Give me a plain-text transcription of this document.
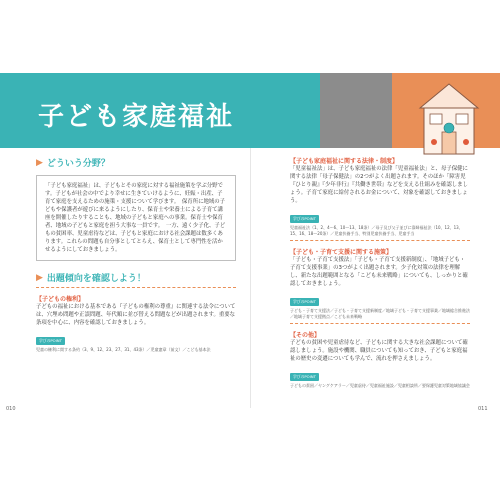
子ども家庭福祉
▶ どういう分野？
「子ども家庭福祉」は、子どもとその家庭に対する福祉施策を学ぶ分野です。子どもが社会の中でより幸せに生きていけるように、妊娠・出産、子育て家庭を支えるための施策・支援について学びます。　保育所に地域の子どもや保護者が遊びに来るようにしたり、保育士や栄養士による子育て講座を開催したりすることも、地域の子どもと家庭への事業。保育士や保育者、地域の子どもと家庭を担う大事な一員です。　一方、遠く少子化、子どもの貧困率、児童虐待などは、子どもと家庭における社会課題は数多くあります。これらの問題も自分事としてとらえ、保育士として専門性を活かせるようにしておきましょう。
▶ 出題傾向を確認しよう！
【子どもの権利】
子どもの福祉における基本である『子どもの権利の尊重』に関連する法令については、穴埋め問題や正誤問題、年代順に並び替える問題などが出題されます。重要な条項を中心に、内容を確認しておきましょう。
学びのPOINT
児童の権利に関する条約（3、9、12、23、27、31、43条）／児童憲章（前文）／こども基本法
【子ども家庭福祉に関する法律・制度】
「児童福祉法」は、子ども家庭福祉の法律「児童福祉法」と、母子保健に関する法律「母子保健法」の2つがよく出題されます。そのほか「障害児『ひとり親』『少年非行』『共働き世帯』などを支える仕組みを確認しましょう。子育て家庭に給付されるお金について、対象を確認しておきましょう。
学びのPOINT
児童福祉法（1、2、4〜6、10〜13、18条）／母子及び父子並びに寡婦福祉法（10、12、13、15、16、18〜20条）／児童扶養手当、特別児童扶養手当、児童手当
【子ども・子育て支援に関する施策】
「子ども・子育て支援法」「子ども・子育て支援新制度」、「地域子ども・子育て支援事業」の3つがよく出題されます。少子化対策の法律を理解し、新たな出題範囲となる「こども未来戦略」についても、しっかりと確認しておきましょう。
学びのPOINT
子ども・子育て支援法／子ども・子育て支援新制度／地域子ども・子育て支援事業／地域総合推進法／地域子育て支援拠点／こども未来戦略
【その他】
子どもの貧困や児童虐待など、子どもに関する大きな社会課題について確認しましょう。施設や機関、職員についても知っておき、子どもと家庭福祉の歴史の変遷についても学んで、流れを押さえましょう。
学びのPOINT
子どもの貧困／ヤングケアラー／児童虐待／児童福祉施設／児童相談所／要保護児童対策地域協議会
010	011
